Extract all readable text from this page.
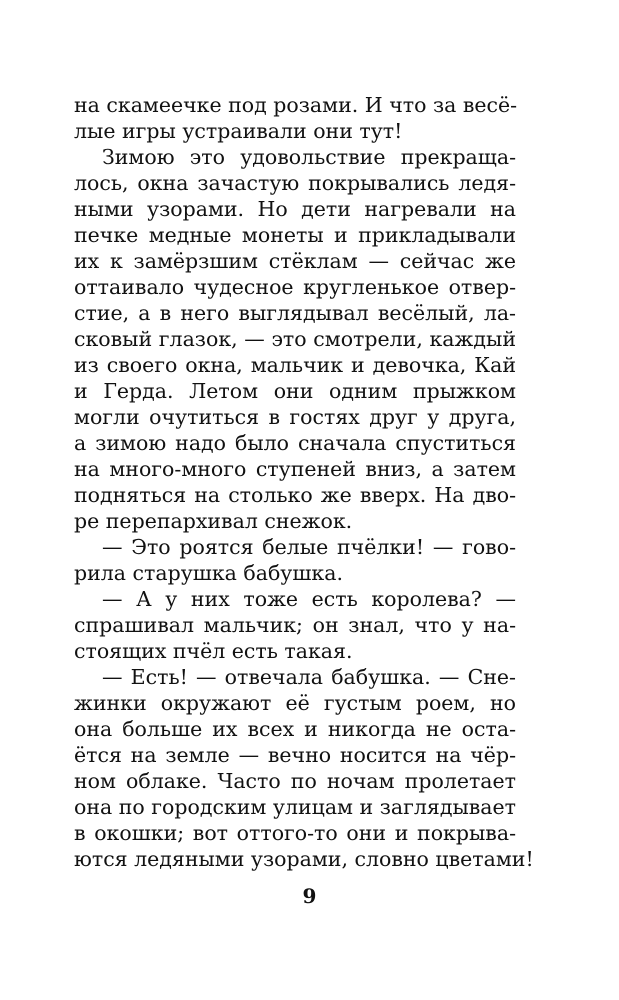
на скамеечке под розами. И что за весё-
лые игры устраивали они тут!
Зимою это удовольствие прекраща-
лось, окна зачастую покрывались ледя-
ными узорами. Но дети нагревали на
печке медные монеты и прикладывали
их к замёрзшим стёклам — сейчас же
оттаивало чудесное кругленькое отвер-
стие, а в него выглядывал весёлый, ла-
сковый глазок, — это смотрели, каждый
из своего окна, мальчик и девочка, Кай
и Герда. Летом они одним прыжком
могли очутиться в гостях друг у друга,
а зимою надо было сначала спуститься
на много-много ступеней вниз, а затем
подняться на столько же вверх. На дво-
ре перепархивал снежок.
— Это роятся белые пчёлки! — гово-
рила старушка бабушка.
— А у них тоже есть королева? —
спрашивал мальчик; он знал, что у на-
стоящих пчёл есть такая.
— Есть! — отвечала бабушка. — Сне-
жинки окружают её густым роем, но
она больше их всех и никогда не оста-
ётся на земле — вечно носится на чёр-
ном облаке. Часто по ночам пролетает
она по городским улицам и заглядывает
в окошки; вот оттого-то они и покрыва-
ются ледяными узорами, словно цветами!
9
